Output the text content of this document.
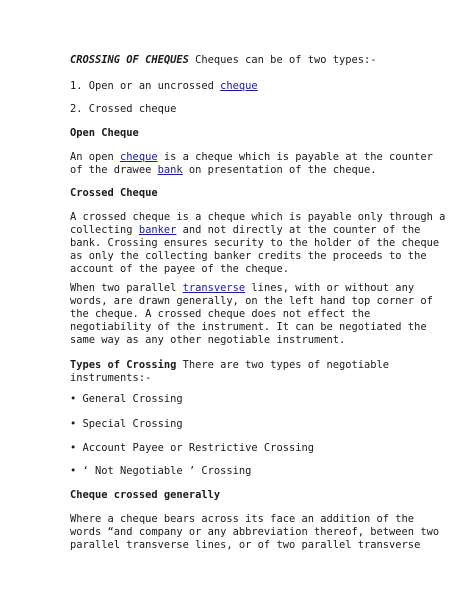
CROSSING OF CHEQUES Cheques can be of two types:-
1. Open or an uncrossed cheque
2. Crossed cheque
Open Cheque
An open cheque is a cheque which is payable at the counter
of the drawee bank on presentation of the cheque.
Crossed Cheque
A crossed cheque is a cheque which is payable only through a
collecting banker and not directly at the counter of the
bank. Crossing ensures security to the holder of the cheque
as only the collecting banker credits the proceeds to the
account of the payee of the cheque.
When two parallel transverse lines, with or without any
words, are drawn generally, on the left hand top corner of
the cheque. A crossed cheque does not effect the
negotiability of the instrument. It can be negotiated the
same way as any other negotiable instrument.
Types of Crossing There are two types of negotiable
instruments:-
• General Crossing
• Special Crossing
• Account Payee or Restrictive Crossing
• ‘ Not Negotiable ’ Crossing
Cheque crossed generally
Where a cheque bears across its face an addition of the
words “and company or any abbreviation thereof, between two
parallel transverse lines, or of two parallel transverse
